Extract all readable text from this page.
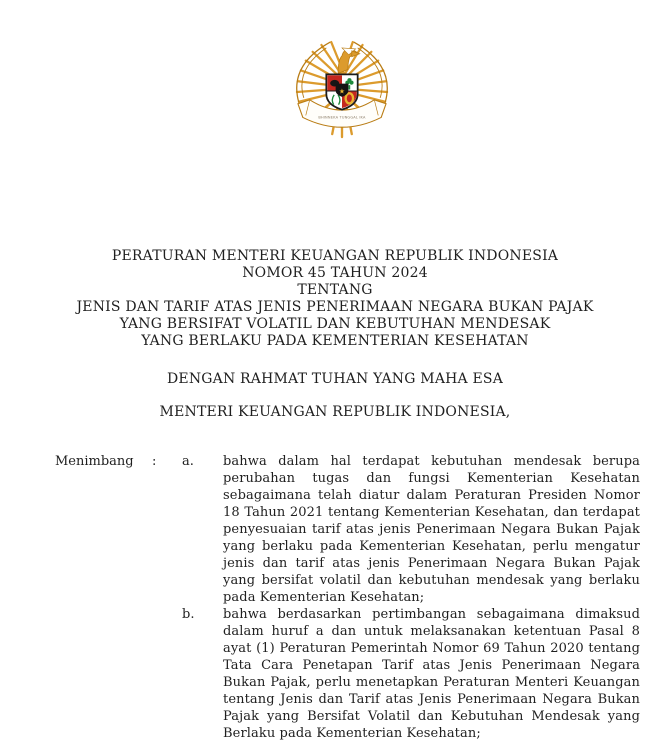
BHINNEKA TUNGGAL IKA
★
PERATURAN MENTERI KEUANGAN REPUBLIK INDONESIA
NOMOR 45 TAHUN 2024
TENTANG
JENIS DAN TARIF ATAS JENIS PENERIMAAN NEGARA BUKAN PAJAK
YANG BERSIFAT VOLATIL DAN KEBUTUHAN MENDESAK
YANG BERLAKU PADA KEMENTERIAN KESEHATAN
DENGAN RAHMAT TUHAN YANG MAHA ESA
MENTERI KEUANGAN REPUBLIK INDONESIA,
Menimbang	:	a.	bahwa dalam hal terdapat kebutuhan mendesak berupa perubahan tugas dan fungsi Kementerian Kesehatan sebagaimana telah diatur dalam Peraturan Presiden Nomor 18 Tahun 2021 tentang Kementerian Kesehatan, dan terdapat penyesuaian tarif atas jenis Penerimaan Negara Bukan Pajak yang berlaku pada Kementerian Kesehatan, perlu mengatur jenis dan tarif atas jenis Penerimaan Negara Bukan Pajak yang bersifat volatil dan kebutuhan mendesak yang berlaku pada Kementerian Kesehatan;

b.	bahwa berdasarkan pertimbangan sebagaimana dimaksud dalam huruf a dan untuk melaksanakan ketentuan Pasal 8 ayat (1) Peraturan Pemerintah Nomor 69 Tahun 2020 tentang Tata Cara Penetapan Tarif atas Jenis Penerimaan Negara Bukan Pajak, perlu menetapkan Peraturan Menteri Keuangan tentang Jenis dan Tarif atas Jenis Penerimaan Negara Bukan Pajak yang Bersifat Volatil dan Kebutuhan Mendesak yang Berlaku pada Kementerian Kesehatan;
